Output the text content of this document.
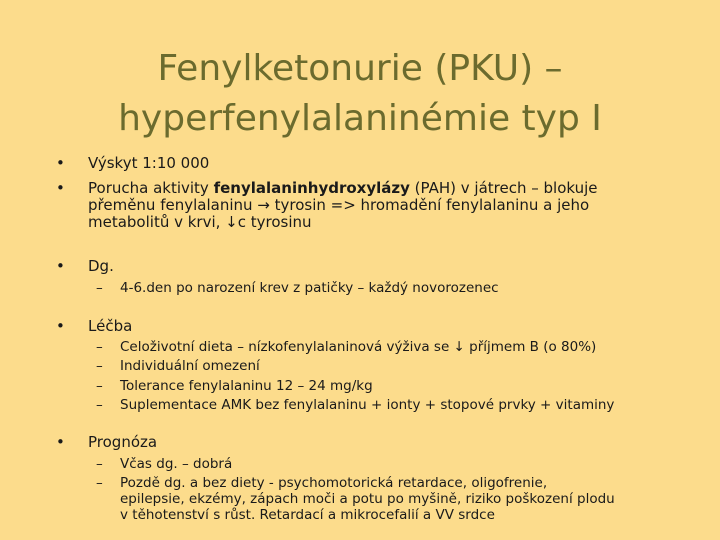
Fenylketonurie (PKU) –
hyperfenylalaninémie typ I
•	Výskyt 1:10 000
•	Porucha aktivity fenylalaninhydroxylázy (PAH) v játrech – blokuje
přeměnu fenylalaninu → tyrosin => hromadění fenylalaninu a jeho
metabolitů v krvi, ↓c tyrosinu
•	Dg.
– 4-6.den po narození krev z patičky – každý novorozenec
•	Léčba
– Celoživotní dieta – nízkofenylalaninová výživa se ↓ příjmem B (o 80%)
– Individuální omezení
– Tolerance fenylalaninu 12 – 24 mg/kg
– Suplementace AMK bez fenylalaninu + ionty + stopové prvky + vitaminy
•	Prognóza
– Včas dg. – dobrá
– Pozdě dg. a bez diety - psychomotorická retardace, oligofrenie,
epilepsie, ekzémy, zápach moči a potu po myšině, riziko poškození plodu
v těhotenství s růst. Retardací a mikrocefalií a VV srdce
